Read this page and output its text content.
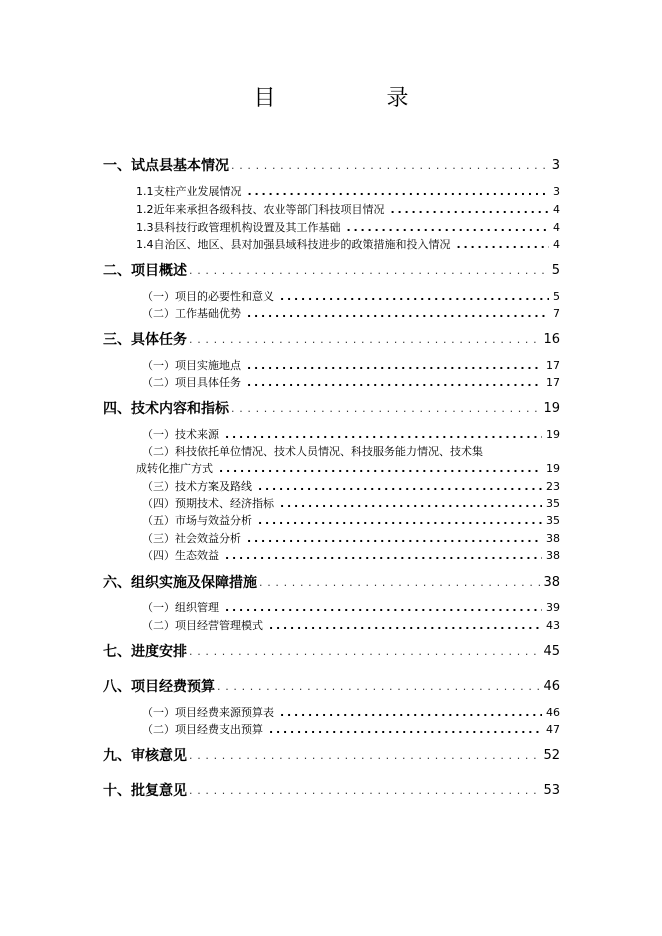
目 录
一、试点县基本情况 . . .	3
1.1支柱产业发展情况 . . .	3
1.2近年来承担各级科技、农业等部门科技项目情况 . . .	4
1.3县科技行政管理机构设置及其工作基础 . . .	4
1.4自治区、地区、县对加强县域科技进步的政策措施和投入情况 . . .	4
二、项目概述 . . .	5
（一）项目的必要性和意义 . . .	5
（二）工作基础优势 . . .	7
三、具体任务 . . .	16
（一）项目实施地点 . . .	17
（二）项目具体任务 . . .	17
四、技术内容和指标 . . .	19
（一）技术来源 . . .	19
（二）科技依托单位情况、技术人员情况、科技服务能力情况、技术集
成转化推广方式 . . .	19
（三）技术方案及路线 . . .	23
（四）预期技术、经济指标 . . .	35
（五）市场与效益分析 . . .	35
（三）社会效益分析 . . .	38
（四）生态效益 . . .	38
六、组织实施及保障措施 . . .	38
（一）组织管理 . . .	39
（二）项目经营管理模式 . . .	43
七、进度安排 . . .	45
八、项目经费预算 . . .	46
（一）项目经费来源预算表 . . .	46
（二）项目经费支出预算 . . .	47
九、审核意见 . . .	52
十、批复意见 . . .	53
